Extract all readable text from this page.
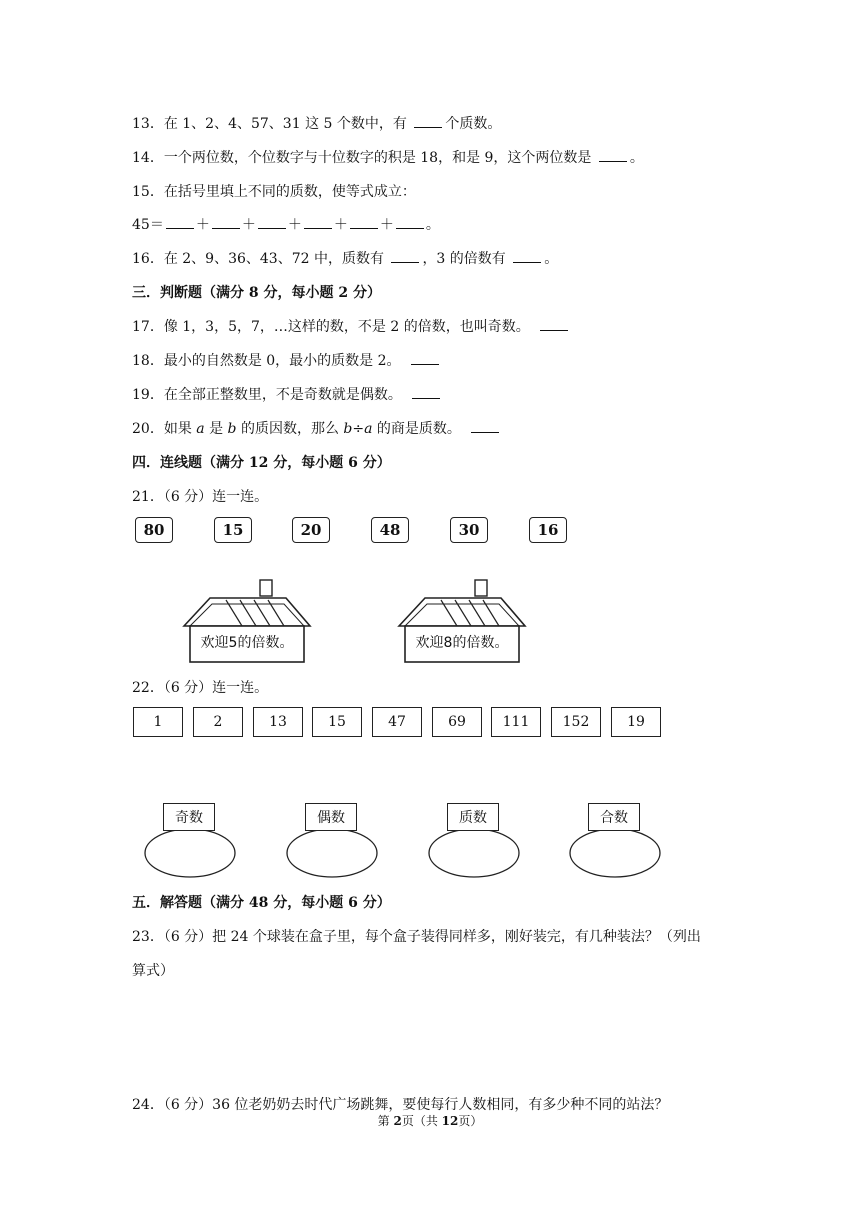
13．在 1、2、4、57、31 这 5 个数中，有 个质数。
14．一个两位数，个位数字与十位数字的积是 18，和是 9，这个两位数是 。
15．在括号里填上不同的质数，使等式成立：
45＝ ＋ ＋ ＋ ＋ ＋ 。
16．在 2、9、36、43、72 中，质数有 ，3 的倍数有 。
三．判断题（满分 8 分，每小题 2 分）
17．像 1，3，5，7，…这样的数，不是 2 的倍数，也叫奇数。
18．最小的自然数是 0，最小的质数是 2。
19．在全部正整数里，不是奇数就是偶数。
20．如果 a 是 b 的质因数，那么 b÷a 的商是质数。
四．连线题（满分 12 分，每小题 6 分）
21．（6 分）连一连。
80	15	20	48	30	16
欢迎5的倍数。	欢迎8的倍数。
22．（6 分）连一连。
1	2	13	15	47	69	111	152	19
奇数	偶数	质数	合数
五．解答题（满分 48 分，每小题 6 分）
23．（6 分）把 24 个球装在盒子里，每个盒子装得同样多，刚好装完，有几种装法？（列出
算式）
24．（6 分）36 位老奶奶去时代广场跳舞，要使每行人数相同，有多少种不同的站法？
第 2页（共 12页）
